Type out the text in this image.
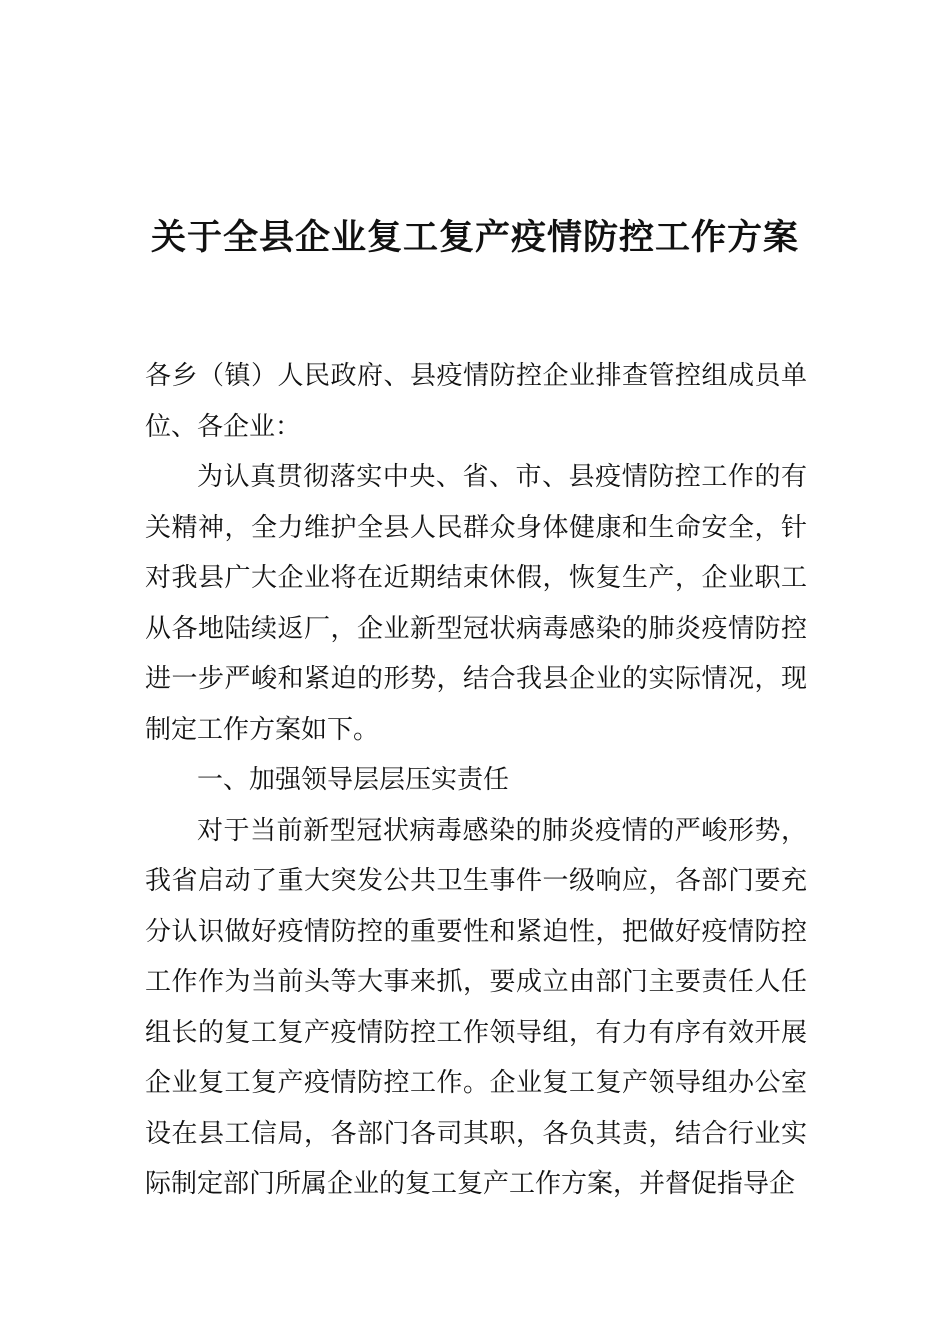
关于全县企业复工复产疫情防控工作方案

各乡（镇）人民政府、县疫情防控企业排查管控组成员单位、各企业：

为认真贯彻落实中央、省、市、县疫情防控工作的有关精神，全力维护全县人民群众身体健康和生命安全，针对我县广大企业将在近期结束休假，恢复生产，企业职工从各地陆续返厂，企业新型冠状病毒感染的肺炎疫情防控进一步严峻和紧迫的形势，结合我县企业的实际情况，现制定工作方案如下。

一、加强领导层层压实责任

对于当前新型冠状病毒感染的肺炎疫情的严峻形势，我省启动了重大突发公共卫生事件一级响应，各部门要充分认识做好疫情防控的重要性和紧迫性，把做好疫情防控工作作为当前头等大事来抓，要成立由部门主要责任人任组长的复工复产疫情防控工作领导组，有力有序有效开展企业复工复产疫情防控工作。企业复工复产领导组办公室设在县工信局，各部门各司其职，各负其责，结合行业实际制定部门所属企业的复工复产工作方案，并督促指导企
